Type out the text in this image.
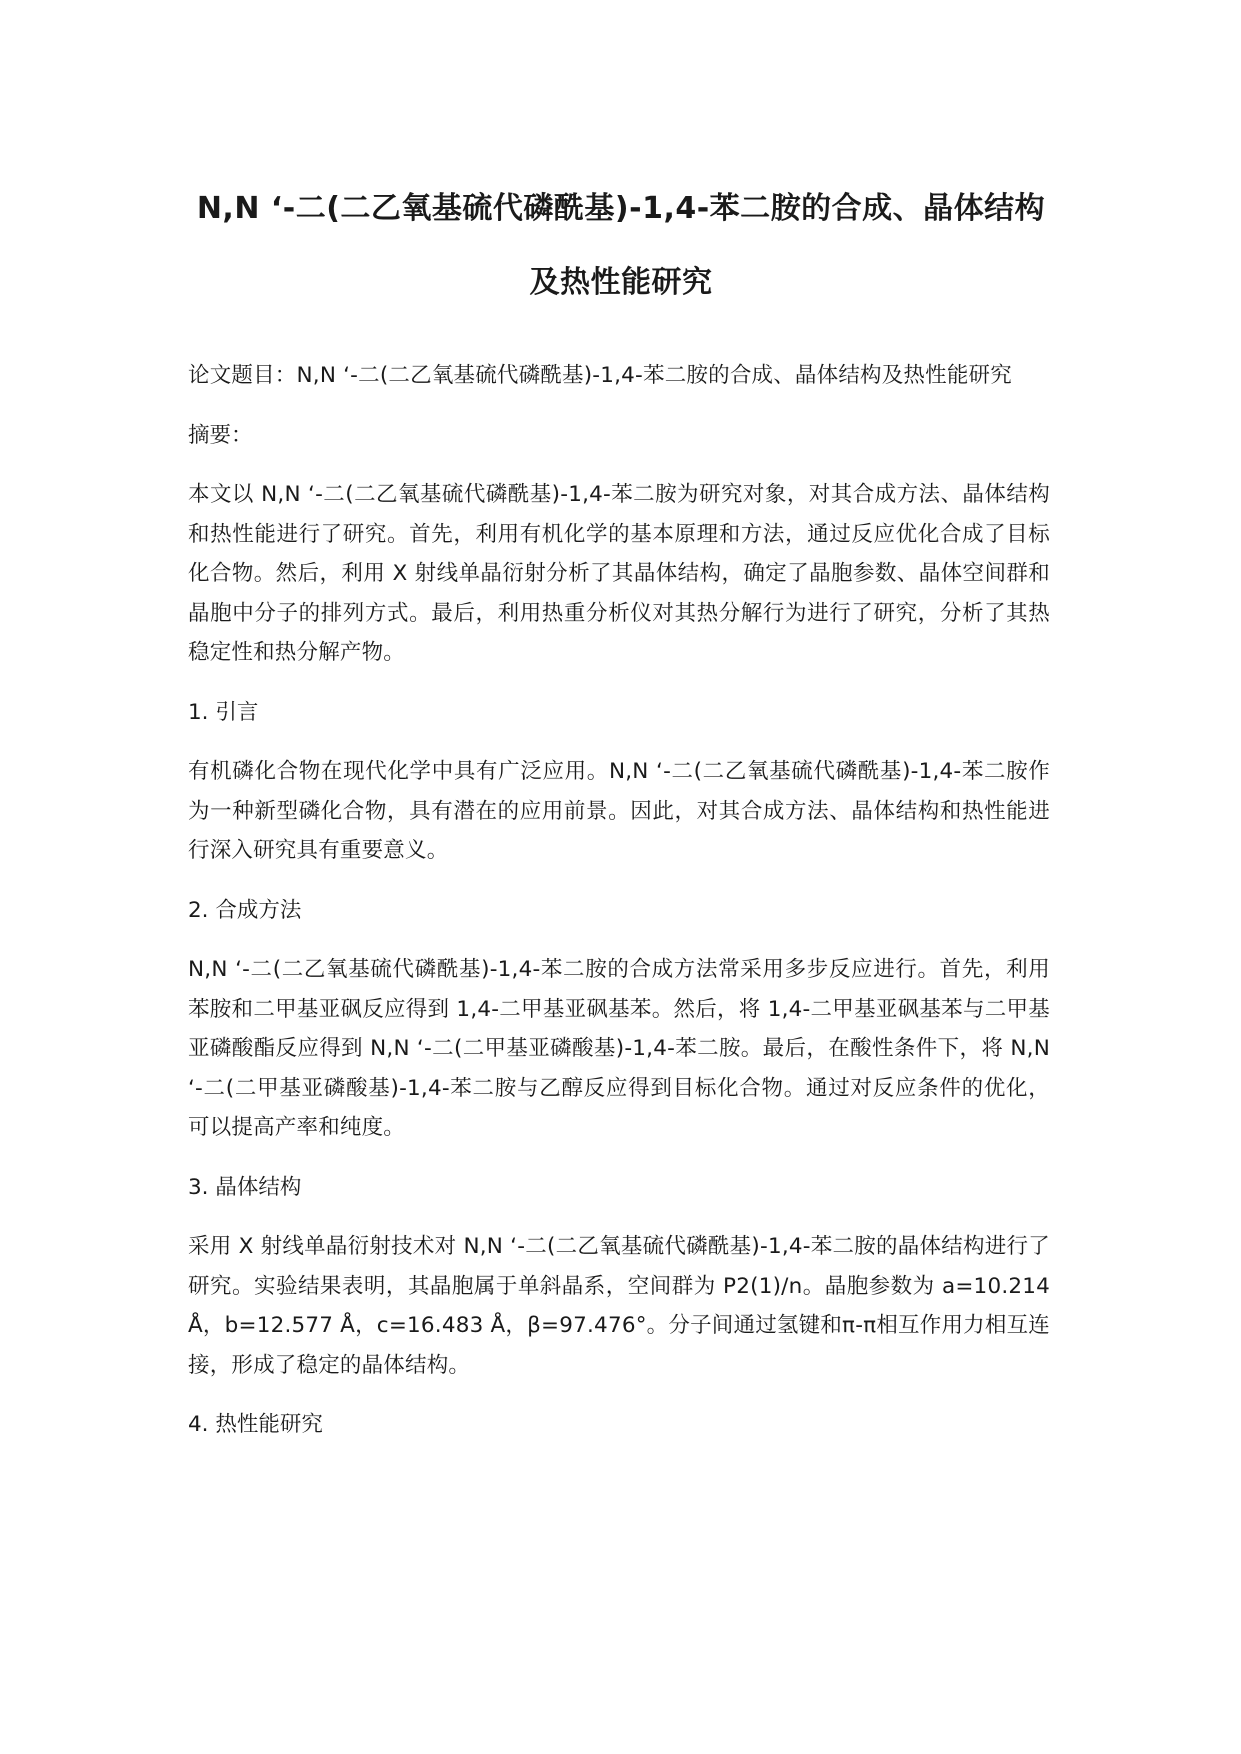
N,N ‘-二(二乙氧基硫代磷酰基)-1,4-苯二胺的合成、晶体结构及热性能研究

论文题目：N,N ‘-二(二乙氧基硫代磷酰基)-1,4-苯二胺的合成、晶体结构及热性能研究

摘要：

本文以 N,N ‘-二(二乙氧基硫代磷酰基)-1,4-苯二胺为研究对象，对其合成方法、晶体结构和热性能进行了研究。首先，利用有机化学的基本原理和方法，通过反应优化合成了目标化合物。然后，利用 X 射线单晶衍射分析了其晶体结构，确定了晶胞参数、晶体空间群和晶胞中分子的排列方式。最后，利用热重分析仪对其热分解行为进行了研究，分析了其热稳定性和热分解产物。

1. 引言

有机磷化合物在现代化学中具有广泛应用。N,N ‘-二(二乙氧基硫代磷酰基)-1,4-苯二胺作为一种新型磷化合物，具有潜在的应用前景。因此，对其合成方法、晶体结构和热性能进行深入研究具有重要意义。

2. 合成方法

N,N ‘-二(二乙氧基硫代磷酰基)-1,4-苯二胺的合成方法常采用多步反应进行。首先，利用苯胺和二甲基亚砜反应得到 1,4-二甲基亚砜基苯。然后，将 1,4-二甲基亚砜基苯与二甲基亚磷酸酯反应得到 N,N ‘-二(二甲基亚磷酸基)-1,4-苯二胺。最后，在酸性条件下，将 N,N ‘-二(二甲基亚磷酸基)-1,4-苯二胺与乙醇反应得到目标化合物。通过对反应条件的优化，可以提高产率和纯度。

3. 晶体结构

采用 X 射线单晶衍射技术对 N,N ‘-二(二乙氧基硫代磷酰基)-1,4-苯二胺的晶体结构进行了研究。实验结果表明，其晶胞属于单斜晶系，空间群为 P2(1)/n。晶胞参数为 a=10.214 Å，b=12.577 Å，c=16.483 Å，β=97.476°。分子间通过氢键和π-π相互作用力相互连接，形成了稳定的晶体结构。

4. 热性能研究
